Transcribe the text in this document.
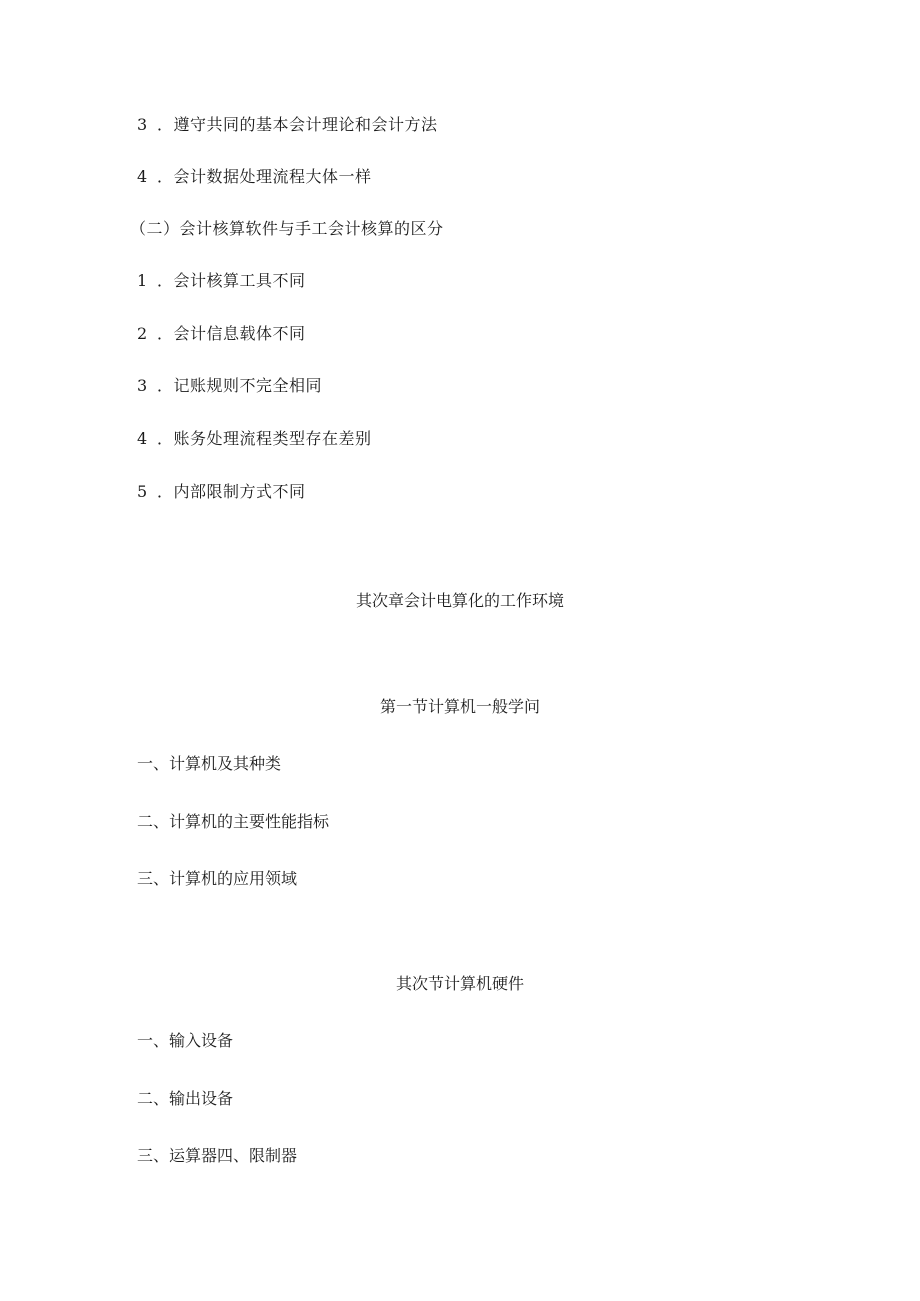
3 ．遵守共同的基本会计理论和会计方法
4 ．会计数据处理流程大体一样
（二）会计核算软件与手工会计核算的区分
1 ．会计核算工具不同
2 ．会计信息载体不同
3 ．记账规则不完全相同
4 ．账务处理流程类型存在差别
5 ．内部限制方式不同
其次章会计电算化的工作环境
第一节计算机一般学问
一、计算机及其种类
二、计算机的主要性能指标
三、计算机的应用领域
其次节计算机硬件
一、输入设备
二、输出设备
三、运算器四、限制器
